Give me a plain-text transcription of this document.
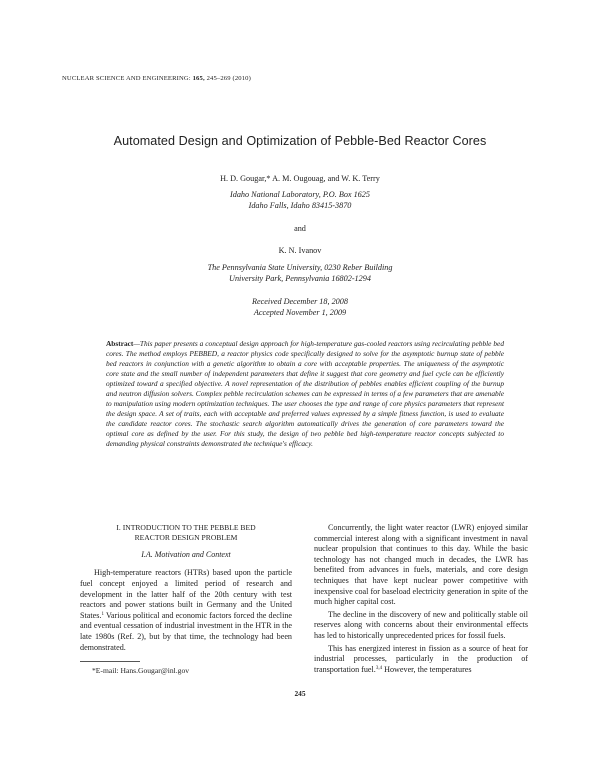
NUCLEAR SCIENCE AND ENGINEERING: 165, 245–269 (2010)
Automated Design and Optimization of Pebble-Bed Reactor Cores
H. D. Gougar,* A. M. Ougouag, and W. K. Terry
Idaho National Laboratory, P.O. Box 1625
Idaho Falls, Idaho 83415-3870
and
K. N. Ivanov
The Pennsylvania State University, 0230 Reber Building
University Park, Pennsylvania 16802-1294
Received December 18, 2008
Accepted November 1, 2009
Abstract—This paper presents a conceptual design approach for high-temperature gas-cooled reactors using recirculating pebble bed cores. The method employs PEBBED, a reactor physics code specifically designed to solve for the asymptotic burnup state of pebble bed reactors in conjunction with a genetic algorithm to obtain a core with acceptable properties. The uniqueness of the asymptotic core state and the small number of independent parameters that define it suggest that core geometry and fuel cycle can be efficiently optimized toward a specified objective. A novel representation of the distribution of pebbles enables efficient coupling of the burnup and neutron diffusion solvers. Complex pebble recirculation schemes can be expressed in terms of a few parameters that are amenable to manipulation using modern optimization techniques. The user chooses the type and range of core physics parameters that represent the design space. A set of traits, each with acceptable and preferred values expressed by a simple fitness function, is used to evaluate the candidate reactor cores. The stochastic search algorithm automatically drives the generation of core parameters toward the optimal core as defined by the user. For this study, the design of two pebble bed high-temperature reactor concepts subjected to demanding physical constraints demonstrated the technique's efficacy.
I. INTRODUCTION TO THE PEBBLE BED
REACTOR DESIGN PROBLEM
I.A. Motivation and Context

High-temperature reactors (HTRs) based upon the particle fuel concept enjoyed a limited period of research and development in the latter half of the 20th century with test reactors and power stations built in Germany and the United States.$^1$ Various political and economic factors forced the decline and eventual cessation of industrial investment in the HTR in the late 1980s (Ref. 2), but by that time, the technology had been demonstrated.

Concurrently, the light water reactor (LWR) enjoyed similar commercial interest along with a significant investment in naval nuclear propulsion that continues to this day. While the basic technology has not changed much in decades, the LWR has benefited from advances in fuels, materials, and core design techniques that have kept nuclear power competitive with inexpensive coal for baseload electricity generation in spite of the much higher capital cost.

The decline in the discovery of new and politically stable oil reserves along with concerns about their environmental effects has led to historically unprecedented prices for fossil fuels.

This has energized interest in fission as a source of heat for industrial processes, particularly in the production of transportation fuel.$^{3,4}$ However, the temperatures

*E-mail: Hans.Gougar@inl.gov
245
